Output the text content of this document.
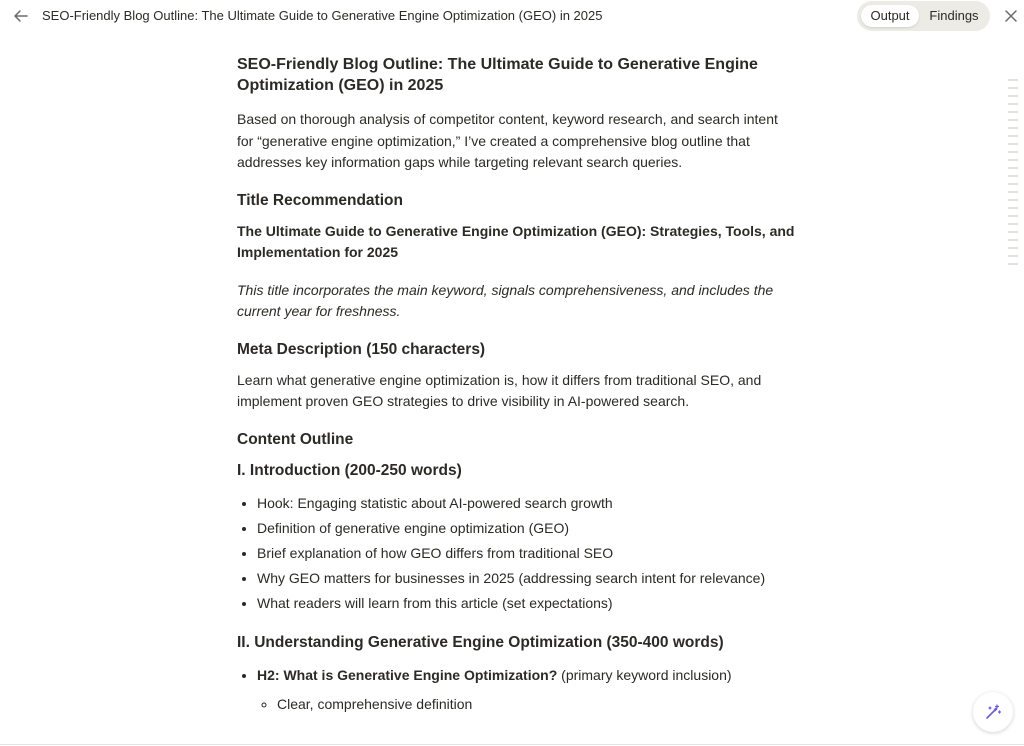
SEO-Friendly Blog Outline: The Ultimate Guide to Generative Engine Optimization (GEO) in 2025	Output	Findings
SEO-Friendly Blog Outline: The Ultimate Guide to Generative Engine Optimization (GEO) in 2025

Based on thorough analysis of competitor content, keyword research, and search intent for “generative engine optimization,” I’ve created a comprehensive blog outline that addresses key information gaps while targeting relevant search queries.

Title Recommendation

The Ultimate Guide to Generative Engine Optimization (GEO): Strategies, Tools, and Implementation for 2025

This title incorporates the main keyword, signals comprehensiveness, and includes the current year for freshness.

Meta Description (150 characters)

Learn what generative engine optimization is, how it differs from traditional SEO, and implement proven GEO strategies to drive visibility in AI-powered search.

Content Outline
I. Introduction (200-250 words)
• Hook: Engaging statistic about AI-powered search growth
• Definition of generative engine optimization (GEO)
• Brief explanation of how GEO differs from traditional SEO
• Why GEO matters for businesses in 2025 (addressing search intent for relevance)
• What readers will learn from this article (set expectations)
II. Understanding Generative Engine Optimization (350-400 words)
• H2: What is Generative Engine Optimization? (primary keyword inclusion)
◦ Clear, comprehensive definition
